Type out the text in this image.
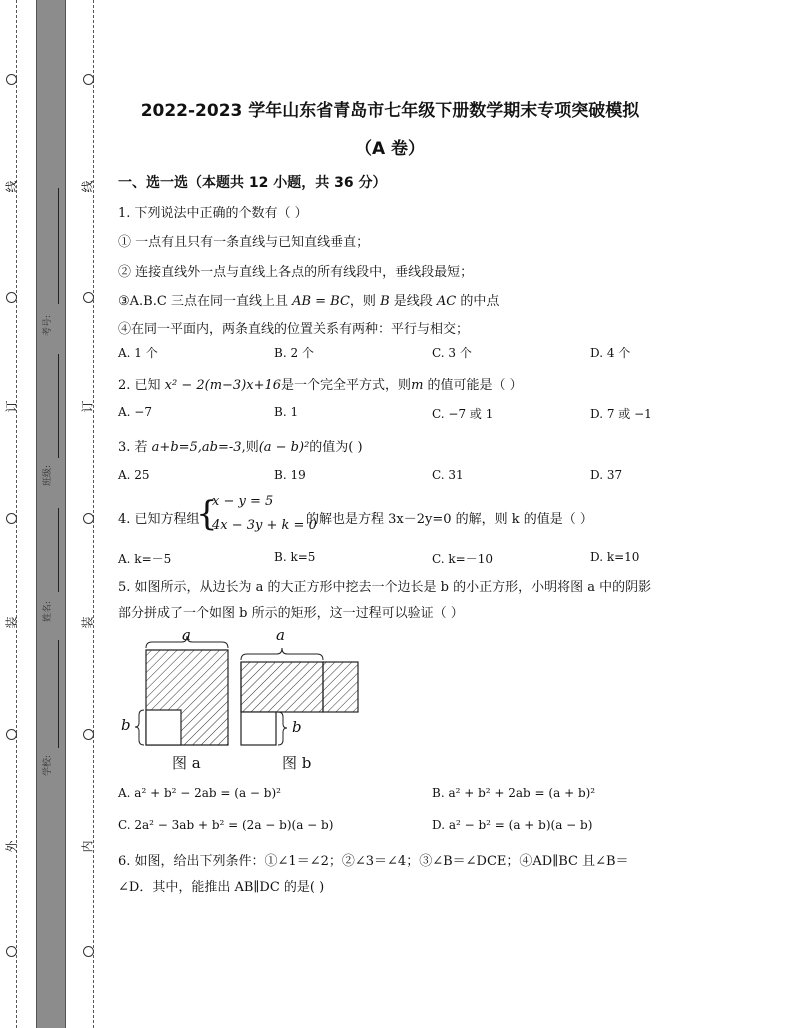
线
订
装
外
线
订
装
内
考号:
班级:
姓名:
学校:
2022-2023 学年山东省青岛市七年级下册数学期末专项突破模拟
（A 卷）
一、选一选（本题共 12 小题，共 36 分）
1. 下列说法中正确的个数有（ ）
① 一点有且只有一条直线与已知直线垂直；
② 连接直线外一点与直线上各点的所有线段中，垂线段最短；
③A.B.C 三点在同一直线上且 AB = BC，则 B 是线段 AC 的中点
④在同一平面内，两条直线的位置关系有两种：平行与相交；
A. 1 个	B. 2 个	C. 3 个	D. 4 个
2. 已知 x² − 2(m−3)x+16是一个完全平方式，则m 的值可能是（ ）
A. −7	B. 1	C. −7 或 1	D. 7 或 −1
3. 若 a+b=5,ab=-3,则(a − b)²的值为( )
A. 25	B. 19	C. 31	D. 37
4. 已知方程组
{
x − y = 5
4x − 3y + k = 0
的解也是方程 3x－2y=0 的解，则 k 的值是（ ）
A. k=－5	B. k=5	C. k=－10	D. k=10
5. 如图所示，从边长为 a 的大正方形中挖去一个边长是 b 的小正方形，小明将图 a 中的阴影
部分拼成了一个如图 b 所示的矩形，这一过程可以验证（ ）
a	a
b	b
图 a	图 b
A. a² + b² − 2ab = (a − b)²	B. a² + b² + 2ab = (a + b)²
C. 2a² − 3ab + b² = (2a − b)(a − b)	D. a² − b² = (a + b)(a − b)
6. 如图，给出下列条件：①∠1＝∠2；②∠3＝∠4；③∠B＝∠DCE；④AD∥BC 且∠B＝
∠D．其中，能推出 AB∥DC 的是( )
